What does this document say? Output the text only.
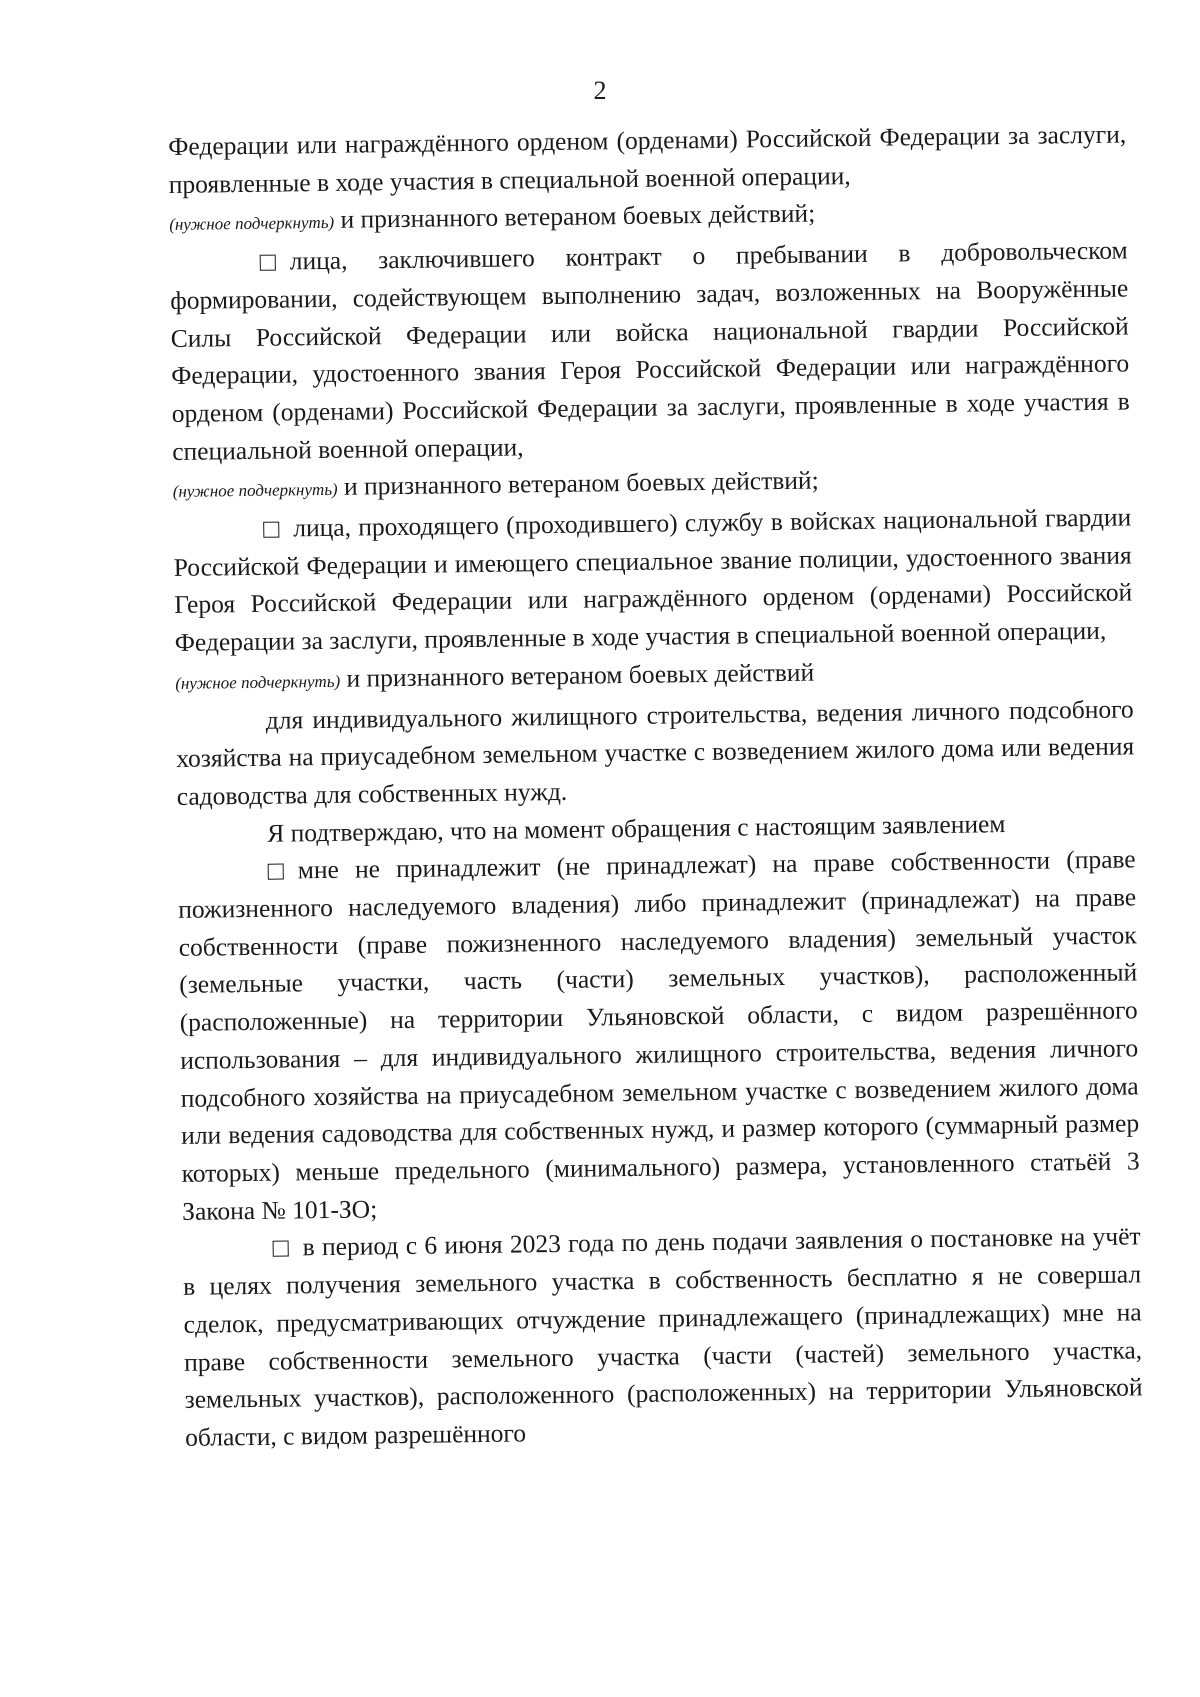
2

Федерации или награждённого орденом (орденами) Российской Федерации за заслуги, проявленные в ходе участия в специальной военной операции,
(нужное подчеркнуть) и признанного ветераном боевых действий;

лица, заключившего контракт о пребывании в добровольческом формировании, содействующем выполнению задач, возложенных на Вооружённые Силы Российской Федерации или войска национальной гвардии Российской Федерации, удостоенного звания Героя Российской Федерации или награждённого орденом (орденами) Российской Федерации за заслуги, проявленные в ходе участия в специальной военной операции,
(нужное подчеркнуть) и признанного ветераном боевых действий;

лица, проходящего (проходившего) службу в войсках национальной гвардии Российской Федерации и имеющего специальное звание полиции, удостоенного звания Героя Российской Федерации или награждённого орденом (орденами) Российской Федерации за заслуги, проявленные в ходе участия в специальной военной операции,
(нужное подчеркнуть) и признанного ветераном боевых действий

для индивидуального жилищного строительства, ведения личного подсобного хозяйства на приусадебном земельном участке с возведением жилого дома или ведения садоводства для собственных нужд.

Я подтверждаю, что на момент обращения с настоящим заявлением

мне не принадлежит (не принадлежат) на праве собственности (праве пожизненного наследуемого владения) либо принадлежит (принадлежат) на праве собственности (праве пожизненного наследуемого владения) земельный участок (земельные участки, часть (части) земельных участков), расположенный (расположенные) на территории Ульяновской области, с видом разрешённого использования – для индивидуального жилищного строительства, ведения личного подсобного хозяйства на приусадебном земельном участке с возведением жилого дома или ведения садоводства для собственных нужд, и размер которого (суммарный размер которых) меньше предельного (минимального) размера, установленного статьёй 3 Закона № 101-ЗО;

в период с 6 июня 2023 года по день подачи заявления о постановке на учёт в целях получения земельного участка в собственность бесплатно я не совершал сделок, предусматривающих отчуждение принадлежащего (принадлежащих) мне на праве собственности земельного участка (части (частей) земельного участка, земельных участков), расположенного (расположенных) на территории Ульяновской области, с видом разрешённого
